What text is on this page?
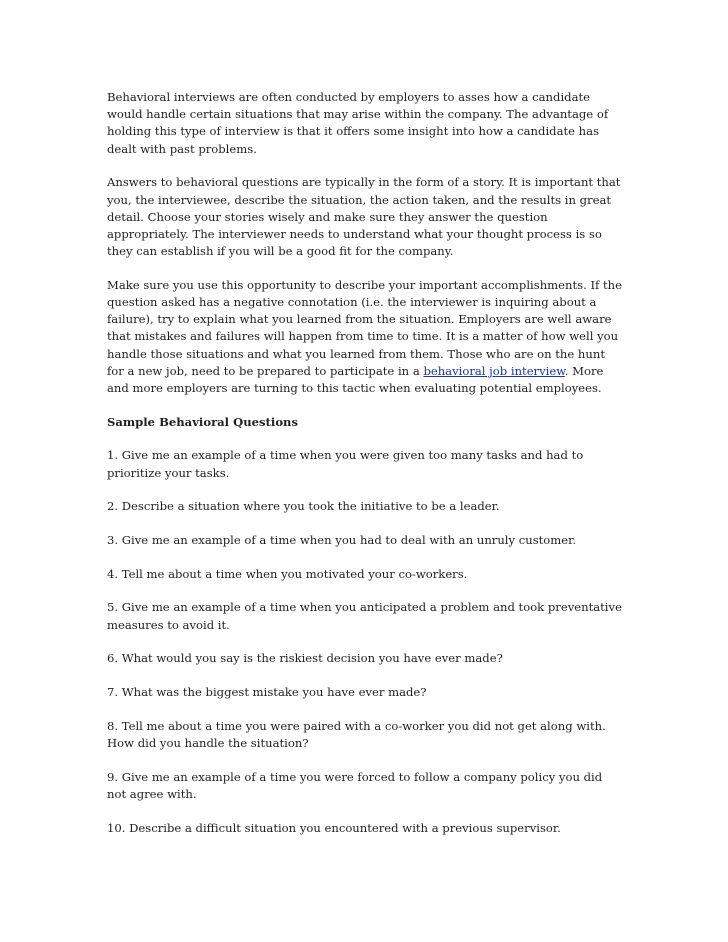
Behavioral interviews are often conducted by employers to asses how a candidate would handle certain situations that may arise within the company. The advantage of holding this type of interview is that it offers some insight into how a candidate has dealt with past problems.

Answers to behavioral questions are typically in the form of a story. It is important that you, the interviewee, describe the situation, the action taken, and the results in great detail. Choose your stories wisely and make sure they answer the question appropriately. The interviewer needs to understand what your thought process is so they can establish if you will be a good fit for the company.

Make sure you use this opportunity to describe your important accomplishments. If the question asked has a negative connotation (i.e. the interviewer is inquiring about a failure), try to explain what you learned from the situation. Employers are well aware that mistakes and failures will happen from time to time. It is a matter of how well you handle those situations and what you learned from them. Those who are on the hunt for a new job, need to be prepared to participate in a behavioral job interview. More and more employers are turning to this tactic when evaluating potential employees.

Sample Behavioral Questions

1. Give me an example of a time when you were given too many tasks and had to prioritize your tasks.

2. Describe a situation where you took the initiative to be a leader.

3. Give me an example of a time when you had to deal with an unruly customer.

4. Tell me about a time when you motivated your co-workers.

5. Give me an example of a time when you anticipated a problem and took preventative measures to avoid it.

6. What would you say is the riskiest decision you have ever made?

7. What was the biggest mistake you have ever made?

8. Tell me about a time you were paired with a co-worker you did not get along with. How did you handle the situation?

9. Give me an example of a time you were forced to follow a company policy you did not agree with.

10. Describe a difficult situation you encountered with a previous supervisor.
